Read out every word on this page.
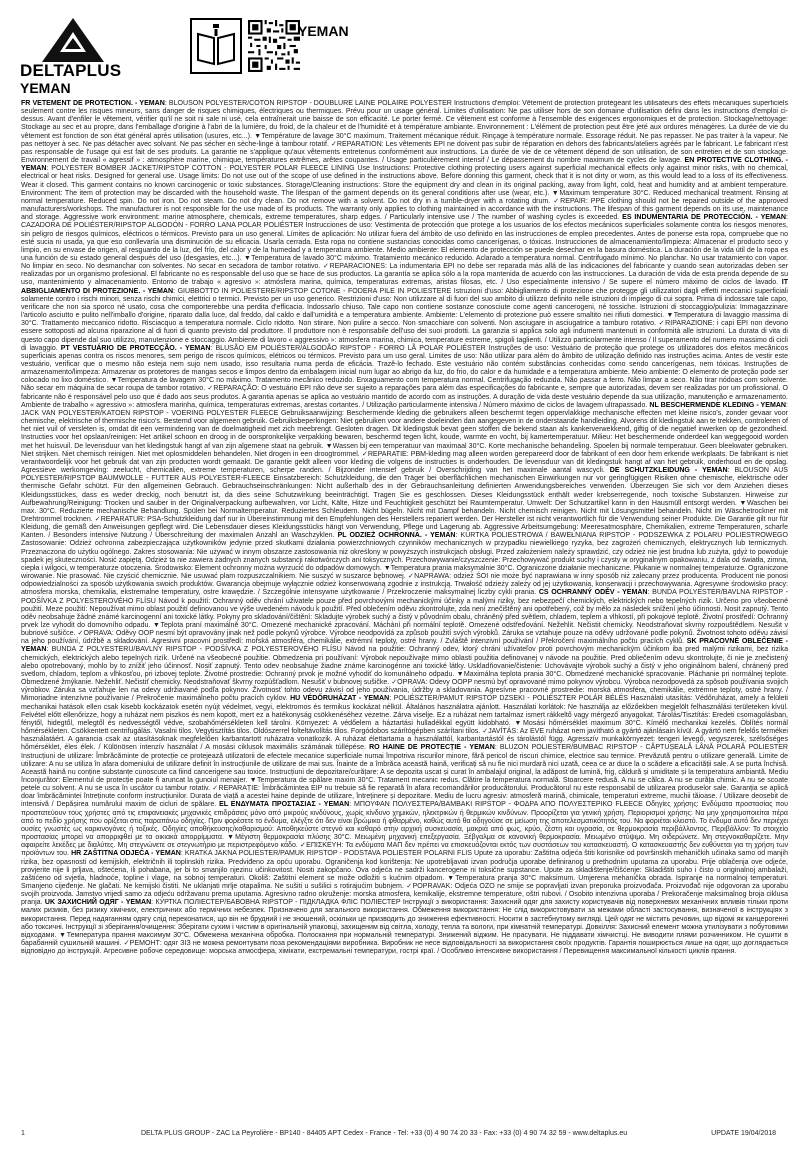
DELTAPLUS
YEMAN
YEMAN

FR VÊTEMENT DE PROTECTION. - YEMAN: BLOUSON POLYESTER/COTON RIPSTOP - DOUBLURE LAINE POLAIRE POLYESTER Instructions d'emploi: Vêtement de protection protégeant les utilisateurs des effets mécaniques superficiels seulement contre les risques mineurs, sans danger de risques chimiques, électriques ou thermiques. Prévu pour un usage général. Limites d'utilisation: Ne pas utiliser hors de son domaine d'utilisation défini dans les instructions d'emploi ci-dessus. Avant d'enfiler le vêtement, vérifier qu'il ne soit ni sale ni usé, cela entraînerait une baisse de son efficacité. Le porter fermé. Ce vêtement est conforme à l'ensemble des exigences ergonomiques et de protection. Stockage/nettoyage: Stockage au sec et au propre, dans l'emballage d'origine à l'abri de la lumière, du froid, de la chaleur et de l'humidité et à température ambiante. Environnement : L'élément de protection peut être jeté aux ordures ménagères. La durée de vie du vêtement est fonction de son état général après utilisation (usures, etc...). ▼Température de lavage 30°C maximum. Traitement mécanique réduit. Rinçage à température normale. Essorage réduit. Ne pas repasser. Ne pas traiter à la vapeur. Ne pas nettoyer à sec. Ne pas détacher avec solvant. Ne pas sécher en sèche-linge à tambour rotatif. ✓REPARATION: Les vêtements EPI ne doivent pas subir de réparation en dehors des fabricants/ateliers agréés par le fabricant. Le fabricant n'est pas responsable de l'usage qui est fait de ses produits. La garantie ne s'applique qu'aux vêtements entretenus conformément aux instructions. La durée de vie de ce vêtement dépend de son utilisation, de son entretien et de son stockage. Environnement de travail « agressif » : atmosphère marine, chimique, températures extrêmes, arêtes coupantes. / Usage particulièrement intensif / Le dépassement du nombre maximum de cycles de lavage. EN PROTECTIVE CLOTHING. - YEMAN: POLYESTER BOMBER JACKET/RIPSTOP COTTON - POLYESTER POLAR FLEECE LINING Use Instructions: Protective clothing protecting users against superficial mechanical effects only against minor risks, with no chemical, electrical or heat risks. Designed for general use. Usage limits: Do not use out of the scope of use defined in the instructions above. Before donning this garment, check that it is not dirty or worn, as this would lead to a loss of its effectiveness. Wear it closed. This garment contains no known carcinogenic or toxic substances. Storage/Cleaning instructions: Store the equipment dry and clean in its original packing, away from light, cold, heat and humidity and at ambient temperature. Environment: The item of protection may be discarded with the household waste. The lifespan of the garment depends on its general conditions after use (wear, etc.). ▼Maximum temperature 30°C. Reduced mechanical treatment. Rinsing at normal temperature. Reduced spin. Do not iron. Do not steam. Do not dry clean. Do not remove with a solvent. Do not dry in a tumble-dryer with a rotating drum. ✓REPAIR: PPE clothing should not be repaired outside of the approved manufacturers/workshops. The manufacturer is not responsible for the use made of its products. The warranty only applies to clothing maintained in accordance with the instructions. The lifespan of this garment depends on its use, maintenance and storage. Aggressive work environment: marine atmosphere, chemicals, extreme temperatures, sharp edges. / Particularly intensive use / The number of washing cycles is exceeded. ES INDUMENTARIA DE PROTECCIÓN. - YEMAN: CAZADORA DE POLIÉSTER/RIPSTOP ALGODÓN - FORRO LANA POLAR POLIÉSTER Instrucciones de uso: Vestimenta de protección que protege a los usuarios de los efectos mecánicos superficiales solamente contra los riesgos menores, sin peligro de riesgos químicos, eléctricos o térmicos. Previsto para un uso general. Límites de aplicación: No utilizar fuera del ámbito de uso definido en las instrucciones de empleo precedentes. Antes de ponerse esta ropa, compruebe que no esté sucia ni usada, ya que eso conllevaría una disminución de su eficacia. Usarla cerrada. Esta ropa no contiene sustancias conocidas como cancerígenas, o tóxicas. Instrucciones de almacenamiento/limpieza: Almacenar el producto seco y limpio, en su envase de origen, al resguardo de la luz, del frío, del calor y de la humedad y a temperatura ambiente. Medio ambiente: El elemento de protección se puede desechar en la basura doméstica. La duración de la vida útil de la ropa es una función de su estado general después del uso (desgastes, etc...). ▼Temperatura de lavado 30°C máximo. Tratamiento mecánico reducido. Aclarado a temperatura normal. Centrifugado mínimo. No planchar. No usar tratamiento con vapor. No limpiar en seco. No desmanchar con solventes. No secar en secadora de tambor rotativo. ✓REPARACIONES: La indumentaria EPI no debe ser reparada más allá de las indicaciones del fabricante y cuando sean autorizadas deben ser realizadas por un organismo profesional. El fabricante no es responsable del uso que se hace de sus productos. La garantía se aplica sólo a la ropa mantenida de acuerdo con las instrucciones. La duración de vida de esta prenda depende de su uso, mantenimiento y almacenamiento. Entorno de trabajo « agresivo »: atmósfera marina, química, temperaturas extremas, aristas filosas, etc. / Uso especialmente intensivo / Se supere el número máximo de ciclos de lavado. IT ABBIGLIAMENTO DI PROTEZIONE. - YEMAN: GIUBBOTTO IN POLIESTERE/RIPSTOP COTONE - FODERA PILE IN POLIESTERE Istruzioni d'uso: Abbigliamento di protezione che protegge gli utilizzatori dagli effetti meccanici superficiali solamente contro i rischi minori, senza rischi chimici, elettrici o termici. Previsto per un uso generico. Restrizioni d'uso: Non utilizzare al di fuori del suo ambito di utilizzo definito nelle istruzioni di impiego di cui sopra. Prima di indossare tale capo, verificare che non sia sporco né usato, cosa che comporterebbe una perdita d'efficacia. Indossarlo chiuso. Tale capo non contiene sostanze conosciute come agenti cancerogeni, né tossiche. Istruzioni di stoccaggio/pulizia: Immagazzinare l'articolo asciutto e pulito nell'imballo d'origine, riparato dalla luce, dal freddo, dal caldo e dall'umidità e a temperatura ambiente. Ambiente: L'elemento di protezione può essere smaltito nei rifiuti domestici. ▼Temperatura di lavaggio massima di 30°C. Trattamento meccanico ridotto. Risciacquo a temperatura normale. Ciclo ridotto. Non stirare. Non pulire a secco. Non smacchiare con solventi. Non asciugare in asciugatrice a tamburo rotativo. ✓RIPARAZIONE: i capi EPI non devono essere sottoposti ad alcuna riparazione al di fuori di quanto previsto dal produttore. Il produttore non è responsabile dell'uso dei suoi prodotti. La garanzia si applica solo agli indumenti mantenuti in conformità alle istruzioni. La durata di vita di questo capo dipende dal suo utilizzo, manutenzione e stoccaggio. Ambiente di lavoro « aggressivo »: atmosfera marina, chimica, temperature estreme, spigoli taglienti. / Utilizzo particolarmente intenso / Il superamento del numero massimo di cicli di lavaggio. PT VESTUÁRIO DE PROTECÇÃO. - YEMAN: BLUSÃO EM POLIÉSTER/ALGODÃO RIPSTOP - FORRO LÃ POLAR POLIÉSTER Instruções de uso: Vestuário de proteção que protege os utilizadores dos efeitos mecânicos superficiais apenas contra os riscos menores, sem perigo de riscos químicos, elétricos ou térmicos. Previsto para um uso geral. Limites de uso: Não utilizar para além do âmbito de utilização definido nas instruções acima. Antes de vestir este vestuário, verificar que o mesmo não esteja nem sujo nem usado, isso resultaria numa perda de eficácia. Trazê-lo fechado. Este vestuário não contém substâncias conhecidas como sendo cancerígenas, nem tóxicas. Instruções de armazenamento/limpeza: Armazenar os protetores de mangas secos e limpos dentro da embalagem inicial num lugar ao abrigo da luz, do frio, do calor e da humidade e a temperatura ambiente. Meio ambiente: O elemento de proteção pode ser colocado no lixo doméstico. ▼Temperatura de lavagem 30°C no máximo. Tratamento mecânico reduzido. Enxaguamento com temperatura normal. Centrifugação reduzida. Não passar a ferro. Não limpar a seco. Não tirar nódoas com solvente. Não secar em máquina de secar roupa de tambor rotativo. ✓REPARAÇÃO: O vestuário EPI não deve ser sujeito a reparações para além das especificações do fabricante e, sempre que autorizadas, devem ser realizadas por um profissional. O fabricante não é responsável pelo uso que é dado aos seus produtos. A garantia apenas se aplica ao vestuário mantido de acordo com as instruções. A duração de vida deste vestuário depende da sua utilização, manutenção e armazenamento. Ambiente de trabalho « agressivo »: atmosfera marinha, química, temperaturas extremas, arestas cortantes. / Utilização particularmente intensiva / Número máximo de ciclos de lavagem ultrapassado. NL BESCHERMENDE KLEDING - YEMAN: JACK VAN POLYESTER/KATOEN RIPSTOP - VOERING POLYESTER FLEECE Gebruiksaanwijzing: Beschermende kleding die gebruikers alleen beschermt tegen oppervlakkige mechanische effecten met kleine risico's, zonder gevaar voor chemische, elektrische of thermische risico's. Bestemd voor algemeen gebruik. Gebruiksbeperkingen: Niet gebruiken voor andere doeleinden dan aangegeven in de onderstaande handleiding. Alvorens dit kledingstuk aan te trekken, controleren of het niet vuil of versleten is, omdat dit een vermindering van de doelmatigheid met zich meebrengt. Gesloten dragen. Dit kledingstuk bevat geen stoffen die bekend staan als kankerverwekkend, giftig of die negatief inwerken op de gezondheid. Instructies voor het opslaan/reinigen: Het artikel schoon en droog in de oorspronkelijke verpakking bewaren, beschermd tegen licht, koude, warmte en vocht, bij kamertemperatuur. Milieu: Het beschermende onderdeel kan weggegooid worden met het huisvuil. De levensduur van het kledingstuk hangt af van zijn algemene staat na gebruik. ▼Wassen bij een temperatuur van maximaal 30°C. Korte mechanische behandeling. Spoelen bij normale temperatuur. Geen bleekwater gebruiken. Niet strijken. Niet chemisch reinigen. Niet met oplosmiddelen behandelen. Niet drogen in een droogtrommel. ✓REPARATIE: PBM-kleding mag alleen worden gerepareerd door de fabrikant of een door hem erkende werkplaats. De fabrikant is niet verantwoordelijk voor het gebruik dat van zijn producten wordt gemaakt. De garantie geldt alleen voor kleding die volgens de instructies is onderhouden. De levensduur van dit kledingstuk hangt af van het gebruik, onderhoud en de opslag. Agressieve werkomgeving: zeelucht, chemicaliën, extreme temperaturen, scherpe randen. / Bijzonder intensief gebruik / Overschrijding van het maximale aantal wascycli. DE SCHUTZKLEIDUNG - YEMAN: BLOUSON AUS POLYESTER/RIPSTOP BAUMWOLLE - FUTTER AUS POLYESTER-FLEECE Einsatzbereich: Schutzkleidung, die den Träger bei oberflächlichen mechanischen Einwirkungen nur vor geringfügigen Risiken ohne chemische, elektrische oder thermische Gefahr schützt. Für den allgemeinen Gebrauch. Gebrauchseinschränkungen: Nicht außerhalb des in der Gebrauchsanleitung definierten Anwendungsbereiches verwenden. Überzeugen Sie sich vor dem Anziehen dieses Kleidungsstückes, dass es weder dreckig, noch benutzt ist, da dies seine Schutzwirkung beeinträchtigt. Tragen Sie es geschlossen. Dieses Kleidungsstück enthält weder krebserregende, noch toxische Substanzen. Hinweise zur Aufbewahrung/Reinigung: Trocken und sauber in der Originalverpackung aufbewahren, vor Licht, Kälte, Hitze und Feuchtigkeit geschützt bei Raumtemperatur. Umwelt: Der Schutzartikel kann in den Hausmüll entsorgt werden. ▼Waschen bei max. 30°C. Reduzierte mechanische Behandlung. Spülen bei Normaltemperatur. Reduziertes Schleudern. Nicht bügeln. Nicht mit Dampf behandeln. Nicht chemisch reinigen. Nicht mit Lösungsmittel behandeln. Nicht im Wäschetrockner mit Drehtrommel trocknen. ✓REPARATUR: PSA-Schutzkleidung darf nur in Übereinstimmung mit den Empfehlungen des Herstellers repariert werden. Der Hersteller ist nicht verantwortlich für die Verwendung seiner Produkte. Die Garantie gilt nur für Kleidung, die gemäß den Anweisungen gepflegt wird. Die Lebensdauer dieses Kleidungsstücks hängt von Verwendung, Pflege und Lagerung ab. Aggressive Arbeitsumgebung: Meeresatmosphäre, Chemikalien, extreme Temperaturen, scharfe Kanten. / Besonders intensive Nutzung / Überschreitung der maximalen Anzahl an Waschzyklen. PL ODZIEŻ OCHRONNA. - YEMAN: KURTKA POLIESTROWA / BAWEŁNIANA RIPSTOP - PODSZEWKA Z POLARU POLIESTROWEGO Zastosowanie: Odzież ochronna zabezpieczająca użytkowników jedynie przed skutkami działania powierzchniowych czynników mechanicznych w przypadku niewielkiego ryzyka, bez zagrożeń chemicznych, elektrycznych lub termicznych. Przeznaczona do użytku ogólnego. Zakres stosowania: Nie używać w innym obszarze zastosowania niż określony w powyższych instrukcjach obsługi. Przed założeniem należy sprawdzić, czy odzież nie jest brudna lub zużyta, gdyż to powoduje spadek jej skuteczności. Nosić zapiętą. Odzież ta nie zawiera żadnych znanych substancji rakotwórczych ani toksycznych. Przechowywanie/czyszczenie: Przechowywać produkt suchy i czysty w oryginalnym opakowaniu, z dala od światła, zimna, ciepła i wilgoci, w temperaturze otoczenia. Środowisko: Element ochronny można wyrzucić do odpadów domowych. ▼Temperatura prania maksymalnie 30°C. Ograniczone działanie mechaniczne. Płukanie w normalnej temperaturze. Ograniczone wirowanie. Nie prasować. Nie czyścić chemicznie. Nie usuwać plam rozpuszczalnikiem. Nie suszyć w suszarce bębnowej. ✓NAPRAWA: odzież ŚOI nie może być naprawiana w inny sposób niż zalecany przez producenta. Producent nie ponosi odpowiedzialności za sposób użytkowania swoich produktów. Gwarancja obejmuje wyłącznie odzież konserwowaną zgodnie z instrukcją. Trwałość odzieży zależy od jej użytkowania, konserwacji i przechowywania. Agresywne środowisko pracy: atmosfera morska, chemikalia, ekstremalne temperatury, ostre krawędzie. / Szczególnie intensywne użytkowanie / Przekroczenie maksymalnej liczby cykli prania. CS OCHRANNÝ ODĚV - YEMAN: BUNDA POLYESTER/BAVLNA RIPSTOP - PODŠÍVKA Z POLYESTEROVÉHO FLÍSU Návod k použití: Ochranný oděv chrání uživatele pouze před povrchovými mechanickými účinky a malými riziky, bez nebezpečí chemických, elektrických nebo tepelných rizik. Určeno pro všeobecné použití. Meze použití: Nepoužívat mimo oblast použití definovanou ve výše uvedeném návodu k použití. Před oblečením oděvu zkontrolujte, zda není znečištěný ani opotřebený, což by mělo za následek snížení jeho účinnosti. Nosit zapnutý. Tento oděv neobsahuje žádné známé karcinogenní ani toxické látky. Pokyny pro skladování/čištění: Skladujte výrobek suchý a čistý v původním obalu, chráněný před světlem, chladem, teplem a vlhkostí, při pokojové teplotě. Životní prostředí: Ochranný prvek lze vyhodit do domovního odpadu. ▼Teplota praní maximálně 30°C. Omezené mechanické zpracování. Máchání při normální teplotě. Omezené odstřeďování. Nežehlit. Nečistit chemicky. Neodstraňovat skvrny rozpouštědlem. Nesušit v bubnové sušičce. ✓OPRAVA: Oděvy OOP nesmí být opravovány jinak než podle pokynů výrobce. Výrobce neodpovídá za způsob použití svých výrobků. Záruka se vztahuje pouze na oděvy udržované podle pokynů. Životnost tohoto oděvu závisí na jeho používání, údržbě a skladování. Agresivní pracovní prostředí: mořská atmosféra, chemikálie, extrémní teploty, ostré hrany. / Zvláště intenzivní používání / Překročení maximálního počtu pracích cyklů. SK PRACOVNÉ OBLEČENIE - YEMAN: BUNDA Z POLYESTERU/BAVLNY RIPSTOP - PODŠÍVKA Z POLYESTEROVÉHO FLÍSU Návod na použitie: Ochranný odev, ktorý chráni užívateľov proti povrchovým mechanickým účinkom iba pred malými rizikami, bez rizika chemických, elektrických alebo tepelných rizík. Určené na všeobecné použitie. Obmedzenia pri používaní: Výrobok nepoužívajte mimo oblasti použitia definovanej v návode na použitie. Pred obliečením odevu skontrolujte, či nie je znečistený alebo opotrebovaný, mohlo by to znížiť jeho účinnosť. Nosiť zapnutý. Tento odev neobsahuje žiadne známe karcinogénne ani toxické látky. Uskladňovanie/čistenie: Uchovávajte výrobok suchý a čistý v jeho originálnom balení, chránený pred svetlom, chladom, teplom a vlhkosťou, pri izbovej teplote. Životné prostredie: Ochranný prvok je možné vyhodiť do komunálneho odpadu. ▼Maximálna teplota prania 30°C. Obmedzené mechanické spracovanie. Pláchanie pri normálnej teplote. Obmedzené žmýkanie. Nežehliť. Nečistiť chemicky. Neodstraňovať škvrny rozpúšťadlom. Nesušiť v bubnovej sušičke. ✓OPRAVA: Odevy OOPP nesmú byť opravované mimo pokynov výrobcu. Výrobca nezodpovedá za spôsob používania svojich výrobkov. Záruka sa vzťahuje len na odevy udržiavané podľa pokynov. Životnosť tohto odevu závisí od jeho používania, údržby a skladovania. Agresívne pracovné prostredie: morská atmosféra, chemikálie, extrémne teploty, ostré hrany. / Mimoriadne intenzívne používanie / Prekročenie maximálneho počtu pracích cyklov. HU VÉDŐRUHÁZAT - YEMAN: POLIÉSZTER/PAMUT RIPSTOP DZSEKI - POLIÉSZTER POLÁR BÉLÉS Használati utasítás: Védőruházat, amely a felületi mechanikai hatások ellen csak kisebb kockázatok esetén nyújt védelmet, vegyi, elektromos és termikus kockázat nélkül. Általános használatra ajánlott. Használati korlátok: Ne használja az előzőekben megjelölt felhasználási területeken kívül. Felvétel előtt ellenőrizze, hogy a ruházat nem piszkos és nem kopott, mert ez a hatékonyság csökkenéséhez vezetne. Zárva viselje. Ez a ruházat nem tartalmaz ismert rákkeltő vagy mérgező anyagokat. Tárolás/Tisztítás: Eredeti csomagolásban, fénytől, hidegtől, melegtől és nedvességtől védve, szobahőmérsékleten kell tárolni. Környezet: A védőelem a háztartási hulladékkal együtt kidobható. ▼Mosási hőmérséklet maximum 30°C. Kímélő mechanikai kezelés. Öblítés normál hőmérsékleten. Csökkentett centrifugálás. Vasalni tilos. Vegytisztítás tilos. Oldószerrel folteltávolítás tilos. Forgódobos szárítógépben szárítani tilos. ✓JAVÍTÁS: Az EVE ruházat nem javítható a gyártó ajánlásain kívül. A gyártó nem felelős termékei használatáért. A garancia csak az utasításoknak megfelelően karbantartott ruházatra vonatkozik. A ruházat élettartama a használattól, karbantartástól és tárolástól függ. Agresszív munkakörnyezet: tengeri levegő, vegyszerek, szélsőséges hőmérséklet, éles élek. / Különösen intenzív használat / A mosási ciklusok maximális számának túllépése. RO HAINE DE PROTECȚIE - YEMAN: BLUZON POLIESTER/BUMBAC RIPSTOP - CĂPTUȘEALĂ LÂNĂ POLARĂ POLIESTER Instrucțiuni de utilizare: Îmbrăcăminte de protecție ce protejează utilizatorii de efectele mecanice superficiale numai împotriva riscurilor minore, fără pericol de riscuri chimice, electrice sau termice. Prevăzută pentru o utilizare generală. Limite de utilizare: A nu se utiliza în afara domeniului de utilizare definit în instrucțiunile de utilizare de mai sus. Înainte de a îmbrăca această haină, verificați să nu fie nici murdară nici uzată, ceea ce ar duce la o scădere a eficacității sale. A se purta închisă. Această haină nu conține substanțe cunoscute ca fiind cancerigene sau toxice. Instrucțiuni de depozitare/curățare: A se depozita uscat și curat în ambalajul original, la adăpost de lumină, frig, căldură și umiditate și la temperatura ambiantă. Mediu înconjurător: Elementul de protecție poate fi aruncat la gunoiul menajer. ▼Temperatura de spălare maxim 30°C. Tratament mecanic redus. Clătire la temperatura normală. Stoarcere redusă. A nu se călca. A nu se curăța chimic. A nu se scoate petele cu solvent. A nu se usca în uscător cu tambur rotativ. ✓REPARAȚIE: Îmbrăcămintea EIP nu trebuie să fie reparată în afara recomandărilor producătorului. Producătorul nu este responsabil de utilizarea produselor sale. Garanția se aplică doar îmbrăcămintei întreținute conform instrucțiunilor. Durata de viață a acestei haine depinde de utilizare, întreținere și depozitare. Mediu de lucru agresiv: atmosferă marină, chimicale, temperaturi extreme, muchii tăioase. / Utilizare deosebit de intensivă / Depășirea numărului maxim de cicluri de spălare. EL ΕΝΔΥΜΑΤΑ ΠΡΟΣΤΑΣΙΑΣ - YEMAN: ΜΠΟΥΦΑΝ ΠΟΛΥΕΣΤΕΡΑ/ΒΑΜΒΑΚΙ RIPSTOP - ΦΟΔΡΑ ΑΠΟ ΠΟΛΥΕΣΤΕΡΙΚΟ FLEECE Οδηγίες χρήσης: Ενδύματα προστασίας που προστατεύουν τους χρήστες από τις επιφανειακές μηχανικές επιδράσεις μόνο από μικρούς κινδύνους, χωρίς κίνδυνο χημικών, ηλεκτρικών ή θερμικών κινδύνων. Προορίζεται για γενική χρήση. Περιορισμοί χρήσης: Να μην χρησιμοποιείται πέρα από το πεδίο χρήσης που ορίζεται στις παραπάνω οδηγίες. Πριν φορέσετε το ένδυμα, ελέγξτε ότι δεν είναι βρώμικο ή φθαρμένο, καθώς αυτό θα οδηγούσε σε μείωση της αποτελεσματικότητάς του. Να φοριέται κλειστό. Το ένδυμα αυτό δεν περιέχει ουσίες γνωστές ως καρκινογόνες ή τοξικές. Οδηγίες αποθήκευσης/καθαρισμού: Αποθηκεύστε στεγνό και καθαρό στην αρχική συσκευασία, μακριά από φως, κρύο, ζέστη και υγρασία, σε θερμοκρασία περιβάλλοντος. Περιβάλλον: Το στοιχείο προστασίας μπορεί να απορριφθεί με τα οικιακά απορρίμματα. ▼Μέγιστη θερμοκρασία πλύσης 30°C. Μειωμένη μηχανική επεξεργασία. Ξέβγαλμα σε κανονική θερμοκρασία. Μειωμένο στύψιμο. Μη σιδερώνετε. Μη στεγνοκαθαρίζετε. Μην αφαιρείτε λεκέδες με διαλύτες. Μη στεγνώνετε σε στεγνωτήριο με περιστρεφόμενο κάδο. ✓ΕΠΙΣΚΕΥΗ: Τα ενδύματα ΜΑΠ δεν πρέπει να επισκευάζονται εκτός των συστάσεων του κατασκευαστή. Ο κατασκευαστής δεν ευθύνεται για τη χρήση των προϊόντων του. HR ZAŠTITNA ODJEĆA - YEMAN: KRATKA JAKNA POLIESTER/PAMUK RIPSTOP - PODSTAVA POLIESTER POLARNI FLIS Upute za uporabu: Zaštitna odjeća štiti korisnike od površinskih mehaničkih učinaka samo od manjih rizika, bez opasnosti od kemijskih, električnih ili toplinskih rizika. Predviđeno za opću uporabu. Ograničenja kod korištenja: Ne upotrebljavati izvan područja uporabe definiranog u prethodnim uputama za uporabu. Prije oblačenja ove odjeće, provjerite nije li prljava, oštećena, ili pohabana, jer bi to smanjilo njezinu učinkovitost. Nositi zakopčano. Ova odjeća ne sadrži kancerogene ni toksične supstance. Upute za skladištenje/čišćenje: Skladištiti suho i čisto u originalnoj ambalaži, zaštićeno od svjetla, hladnoće, topline i vlage, na sobnoj temperaturi. Okoliš: Zaštitni element se može odložiti s kućnim otpadom. ▼Temperatura pranja 30°C maksimum. Umjerena mehanička obrada. Ispiranje na normalnoj temperaturi. Smanjeno cijeđenje. Ne glačati. Ne kemijski čistiti. Ne uklanjati mrlje otapalima. Ne sušiti u sušilici s rotirajućim bubnjem. ✓POPRAVAK: Odjeća OZO ne smije se popravljati izvan preporuka proizvođača. Proizvođač nije odgovoran za uporabu svojih proizvoda. Jamstvo vrijedi samo za odjeću održavanu prema uputama. Agresivno radno okruženje: morska atmosfera, kemikalije, ekstremne temperature, oštri rubovi. / Osobito intenzivna uporaba / Prekoračenje maksimalnog broja ciklusa pranja. UK ЗАХИСНИЙ ОДЯГ - YEMAN: КУРТКА ПОЛІЕСТЕР/БАВОВНА RIPSTOP - ПІДКЛАДКА ФЛІС ПОЛІЕСТЕР Інструкції з використання: Захисний одяг для захисту користувачів від поверхневих механічних впливів тільки проти малих ризиків, без ризику хімічних, електричних або термічних небезпек. Призначено для загального використання. Обмеження використання: Не слід використовувати за межами області застосування, визначеної в інструкціях з використання. Перед надяганням одягу слід переконатися, що він не брудний і не зношений, оскільки це призводить до зниження ефективності. Носити в застебнутому вигляді. Цей одяг не містить речовин, що відомі як канцерогенні або токсичні. Інструкції зі зберігання/очищення: Зберігати сухим і чистим в оригінальній упаковці, захищеним від світла, холоду, тепла та вологи, при кімнатній температурі. Довкілля: Захисний елемент можна утилізувати з побутовими відходами. ▼Температура прання максимум 30°C. Обмежена механічна обробка. Полоскання при нормальній температурі. Знижений віджим. Не прасувати. Не піддавати хімчистці. Не виводити плями розчинником. Не сушити в барабанній сушильній машині. ✓РЕМОНТ: одяг ЗІЗ не можна ремонтувати поза рекомендаціями виробника. Виробник не несе відповідальності за використання своїх продуктів. Гарантія поширюється лише на одяг, що доглядається відповідно до інструкцій. Агресивне робоче середовище: морська атмосфера, хімікати, екстремальні температури, гострі краї. / Особливо інтенсивне використання / Перевищення максимальної кількості циклів прання.

1	DELTA PLUS GROUP - ZAC La Peyrolière - BP140 - 84405 APT Cedex - France - Tel: +33 (0) 4 90 74 20 33 - Fax: +33 (0) 4 90 74 32 59 - www.deltaplus.eu	UPDATE 19/04/2018
